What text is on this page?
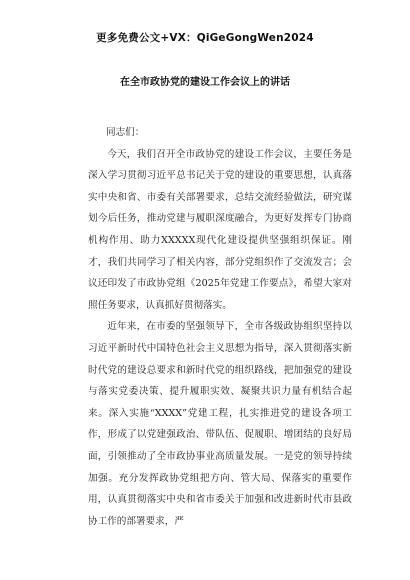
更多免费公文+VX：QiGeGongWen2024
在全市政协党的建设工作会议上的讲话

同志们：

今天，我们召开全市政协党的建设工作会议，主要任务是深入学习贯彻习近平总书记关于党的建设的重要思想，认真落实中央和省、市委有关部署要求，总结交流经验做法，研究谋划今后任务，推动党建与履职深度融合，为更好发挥专门协商机构作用、助力XXXXX现代化建设提供坚强组织保证。刚才，我们共同学习了相关内容，部分党组织作了交流发言；会议还印发了市政协党组《2025年党建工作要点》，希望大家对照任务要求，认真抓好贯彻落实。

近年来，在市委的坚强领导下，全市各级政协组织坚持以习近平新时代中国特色社会主义思想为指导，深入贯彻落实新时代党的建设总要求和新时代党的组织路线，把加强党的建设与落实党委决策、提升履职实效、凝聚共识力量有机结合起来。深入实施“XXXX”党建工程，扎实推进党的建设各项工作，形成了以党建强政治、带队伍、促履职、增团结的良好局面，引领推动了全市政协事业高质量发展。一是党的领导持续加强。充分发挥政协党组把方向、管大局、保落实的重要作用，认真贯彻落实中央和省市委关于加强和改进新时代市县政协工作的部署要求，严
